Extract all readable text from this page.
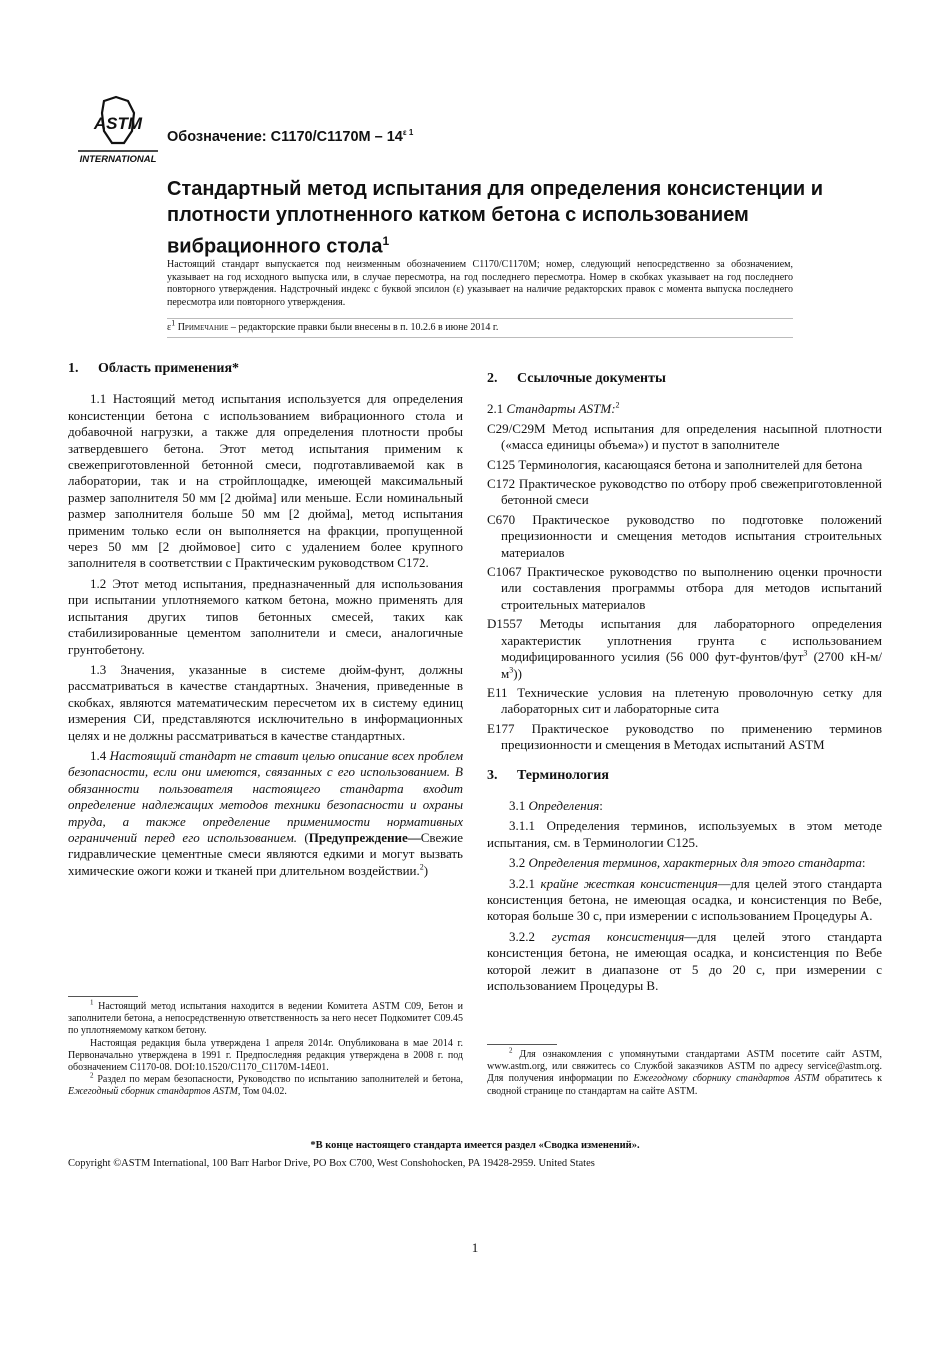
ASTM
INTERNATIONAL
Обозначение: $C1170/C1170M - 14^{\varepsilon 1}$
Стандартный метод испытания для определения консистенции и плотности уплотненного катком бетона с использованием вибрационного стола$^1$

Настоящий стандарт выпускается под неизменным обозначением C1170/C1170M; номер, следующий непосредственно за обозначением, указывает на год исходного выпуска или, в случае пересмотра, на год последнего пересмотра. Номер в скобках указывает на год последнего повторного утверждения. Надстрочный индекс с буквой эпсилон (ε) указывает на наличие редакторских правок с момента выпуска последнего пересмотра или повторного утверждения.

$\varepsilon^1$ Примечание – редакторские правки были внесены в п. 10.2.6 в июне 2014 г.

1. Область применения*

1.1 Настоящий метод испытания используется для определения консистенции бетона с использованием вибрационного стола и добавочной нагрузки, а также для определения плотности пробы затвердевшего бетона. Этот метод испытания применим к свежеприготовленной бетонной смеси, подготавливаемой как в лаборатории, так и на стройплощадке, имеющей максимальный размер заполнителя 50 мм [2 дюйма] или меньше. Если номинальный размер заполнителя больше 50 мм [2 дюйма], метод испытания применим только если он выполняется на фракции, пропущенной через 50 мм [2 дюймовое] сито с удалением более крупного заполнителя в соответствии с Практическим руководством C172.

1.2 Этот метод испытания, предназначенный для использования при испытании уплотняемого катком бетона, можно применять для испытания других типов бетонных смесей, таких как стабилизированные цементом заполнители и смеси, аналогичные грунтобетону.

1.3 Значения, указанные в системе дюйм-фунт, должны рассматриваться в качестве стандартных. Значения, приведенные в скобках, являются математическим пересчетом их в систему единиц измерения СИ, представляются исключительно в информационных целях и не должны рассматриваться в качестве стандартных.

1.4 Настоящий стандарт не ставит целью описание всех проблем безопасности, если они имеются, связанных с его использованием. В обязанности пользователя настоящего стандарта входит определение надлежащих методов техники безопасности и охраны труда, а также определение применимости нормативных ограничений перед его использованием. (Предупреждение—Свежие гидравлические цементные смеси являются едкими и могут вызвать химические ожоги кожи и тканей при длительном воздействии.$^2$)

$^1$ Настоящий метод испытания находится в ведении Комитета ASTM C09, Бетон и заполнители бетона, а непосредственную ответственность за него несет Подкомитет C09.45 по уплотняемому катком бетону.

Настоящая редакция была утверждена 1 апреля 2014г. Опубликована в мае 2014 г. Первоначально утверждена в 1991 г. Предпоследняя редакция утверждена в 2008 г. под обозначением C1170-08. DOI:10.1520/C1170_C1170M-14E01.

$^2$ Раздел по мерам безопасности, Руководство по испытанию заполнителей и бетона, Ежегодный сборник стандартов ASTM, Том 04.02.

2. Ссылочные документы

2.1 Стандарты ASTM:$^2$

C29/C29M Метод испытания для определения насыпной плотности («масса единицы объема») и пустот в заполнителе

C125 Терминология, касающаяся бетона и заполнителей для бетона

C172 Практическое руководство по отбору проб свежеприготовленной бетонной смеси

C670 Практическое руководство по подготовке положений прецизионности и смещения методов испытания строительных материалов

C1067 Практическое руководство по выполнению оценки прочности или составления программы отбора для методов испытаний строительных материалов

D1557 Методы испытания для лабораторного определения характеристик уплотнения грунта с использованием модифицированного усилия (56 000 фут-фунтов/фут$^3$ (2700 $кН-м/м^3$))

E11 Технические условия на плетеную проволочную сетку для лабораторных сит и лабораторные сита

E177 Практическое руководство по применению терминов прецизионности и смещения в Методах испытаний ASTM

3. Терминология

3.1 Определения:

3.1.1 Определения терминов, используемых в этом методе испытания, см. в Терминологии C125.

3.2 Определения терминов, характерных для этого стандарта:

3.2.1 крайне жесткая консистенция—для целей этого стандарта консистенция бетона, не имеющая осадка, и консистенция по Вебе, которая больше 30 с, при измерении с использованием Процедуры A.

3.2.2 густая консистенция—для целей этого стандарта консистенция бетона, не имеющая осадка, и консистенция по Вебе которой лежит в диапазоне от 5 до 20 с, при измерении с использованием Процедуры B.

$^2$ Для ознакомления с упомянутыми стандартами ASTM посетите сайт ASTM, www.astm.org, или свяжитесь со Службой заказчиков ASTM по адресу service@astm.org. Для получения информации по Ежегодному сборнику стандартов ASTM обратитесь к сводной странице по стандартам на сайте ASTM.

*В конце настоящего стандарта имеется раздел «Сводка изменений».
Copyright ©ASTM International, 100 Barr Harbor Drive, PO Box C700, West Conshohocken, PA 19428-2959. United States
1
